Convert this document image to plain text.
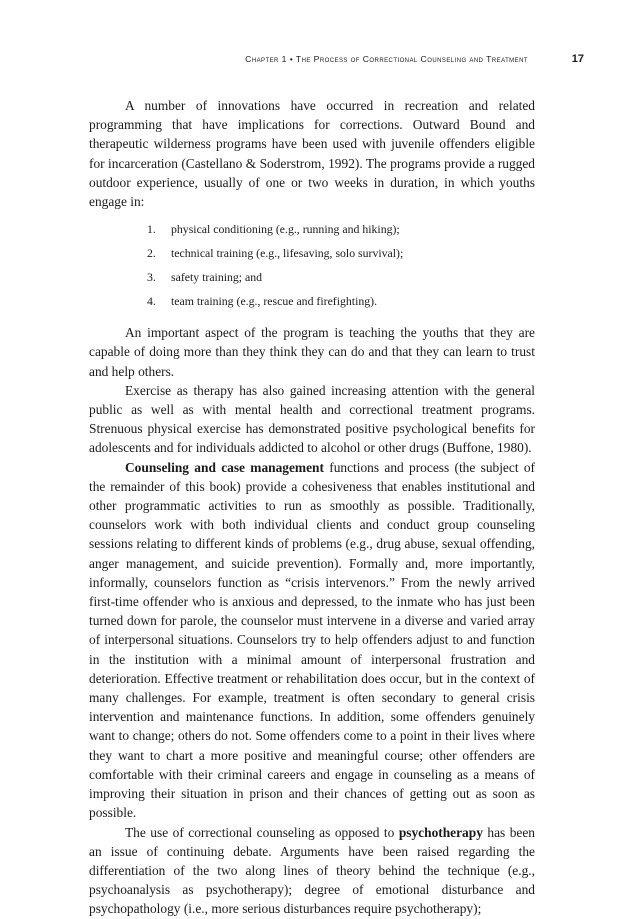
Chapter 1 • The Process of Correctional Counseling and Treatment	17

A number of innovations have occurred in recreation and related programming that have implications for corrections. Outward Bound and therapeutic wilderness programs have been used with juvenile offenders eligible for incarceration (Castellano & Soderstrom, 1992). The programs provide a rugged outdoor experience, usually of one or two weeks in duration, in which youths engage in:

1.	physical conditioning (e.g., running and hiking);
2.	technical training (e.g., lifesaving, solo survival);
3.	safety training; and
4.	team training (e.g., rescue and firefighting).

An important aspect of the program is teaching the youths that they are capable of doing more than they think they can do and that they can learn to trust and help others.

Exercise as therapy has also gained increasing attention with the general public as well as with mental health and correctional treatment programs. Strenuous physical exercise has demonstrated positive psychological benefits for adolescents and for individuals addicted to alcohol or other drugs (Buffone, 1980).

Counseling and case management functions and process (the subject of the remainder of this book) provide a cohesiveness that enables institutional and other programmatic activities to run as smoothly as possible. Traditionally, counselors work with both individual clients and conduct group counseling sessions relating to different kinds of problems (e.g., drug abuse, sexual offending, anger management, and suicide prevention). Formally and, more importantly, informally, counselors function as “crisis intervenors.” From the newly arrived first-time offender who is anxious and depressed, to the inmate who has just been turned down for parole, the counselor must intervene in a diverse and varied array of interpersonal situations. Counselors try to help offenders adjust to and function in the institution with a minimal amount of interpersonal frustration and deterioration. Effective treatment or rehabilitation does occur, but in the context of many challenges. For example, treatment is often secondary to general crisis intervention and maintenance functions. In addition, some offenders genuinely want to change; others do not. Some offenders come to a point in their lives where they want to chart a more positive and meaningful course; other offenders are comfortable with their criminal careers and engage in counseling as a means of improving their situation in prison and their chances of getting out as soon as possible.

The use of correctional counseling as opposed to psychotherapy has been an issue of continuing debate. Arguments have been raised regarding the differentiation of the two along lines of theory behind the technique (e.g., psychoanalysis as psychotherapy); degree of emotional disturbance and psychopathology (i.e., more serious disturbances require psychotherapy);
